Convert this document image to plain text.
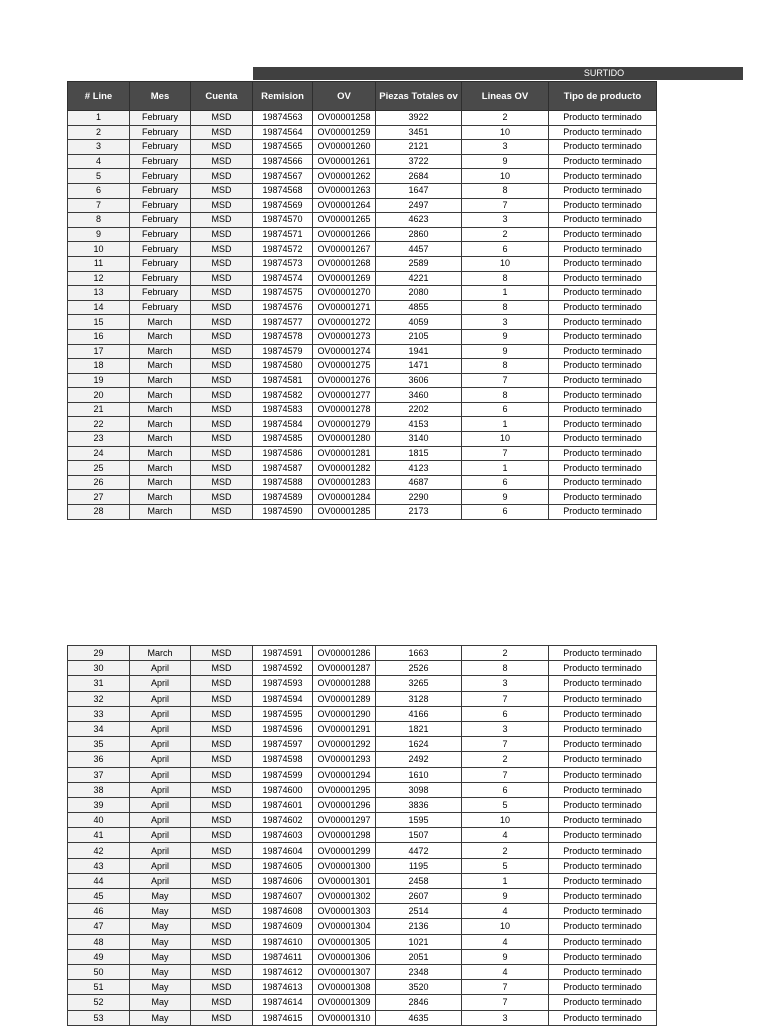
SURTIDO
# Line	Mes	Cuenta	Remision	OV	Piezas Totales ov	Lineas OV	Tipo de producto
1	February	MSD	19874563	OV00001258	3922	2	Producto terminado
2	February	MSD	19874564	OV00001259	3451	10	Producto terminado
3	February	MSD	19874565	OV00001260	2121	3	Producto terminado
4	February	MSD	19874566	OV00001261	3722	9	Producto terminado
5	February	MSD	19874567	OV00001262	2684	10	Producto terminado
6	February	MSD	19874568	OV00001263	1647	8	Producto terminado
7	February	MSD	19874569	OV00001264	2497	7	Producto terminado
8	February	MSD	19874570	OV00001265	4623	3	Producto terminado
9	February	MSD	19874571	OV00001266	2860	2	Producto terminado
10	February	MSD	19874572	OV00001267	4457	6	Producto terminado
11	February	MSD	19874573	OV00001268	2589	10	Producto terminado
12	February	MSD	19874574	OV00001269	4221	8	Producto terminado
13	February	MSD	19874575	OV00001270	2080	1	Producto terminado
14	February	MSD	19874576	OV00001271	4855	8	Producto terminado
15	March	MSD	19874577	OV00001272	4059	3	Producto terminado
16	March	MSD	19874578	OV00001273	2105	9	Producto terminado
17	March	MSD	19874579	OV00001274	1941	9	Producto terminado
18	March	MSD	19874580	OV00001275	1471	8	Producto terminado
19	March	MSD	19874581	OV00001276	3606	7	Producto terminado
20	March	MSD	19874582	OV00001277	3460	8	Producto terminado
21	March	MSD	19874583	OV00001278	2202	6	Producto terminado
22	March	MSD	19874584	OV00001279	4153	1	Producto terminado
23	March	MSD	19874585	OV00001280	3140	10	Producto terminado
24	March	MSD	19874586	OV00001281	1815	7	Producto terminado
25	March	MSD	19874587	OV00001282	4123	1	Producto terminado
26	March	MSD	19874588	OV00001283	4687	6	Producto terminado
27	March	MSD	19874589	OV00001284	2290	9	Producto terminado
28	March	MSD	19874590	OV00001285	2173	6	Producto terminado
29	March	MSD	19874591	OV00001286	1663	2	Producto terminado
30	April	MSD	19874592	OV00001287	2526	8	Producto terminado
31	April	MSD	19874593	OV00001288	3265	3	Producto terminado
32	April	MSD	19874594	OV00001289	3128	7	Producto terminado
33	April	MSD	19874595	OV00001290	4166	6	Producto terminado
34	April	MSD	19874596	OV00001291	1821	3	Producto terminado
35	April	MSD	19874597	OV00001292	1624	7	Producto terminado
36	April	MSD	19874598	OV00001293	2492	2	Producto terminado
37	April	MSD	19874599	OV00001294	1610	7	Producto terminado
38	April	MSD	19874600	OV00001295	3098	6	Producto terminado
39	April	MSD	19874601	OV00001296	3836	5	Producto terminado
40	April	MSD	19874602	OV00001297	1595	10	Producto terminado
41	April	MSD	19874603	OV00001298	1507	4	Producto terminado
42	April	MSD	19874604	OV00001299	4472	2	Producto terminado
43	April	MSD	19874605	OV00001300	1195	5	Producto terminado
44	April	MSD	19874606	OV00001301	2458	1	Producto terminado
45	May	MSD	19874607	OV00001302	2607	9	Producto terminado
46	May	MSD	19874608	OV00001303	2514	4	Producto terminado
47	May	MSD	19874609	OV00001304	2136	10	Producto terminado
48	May	MSD	19874610	OV00001305	1021	4	Producto terminado
49	May	MSD	19874611	OV00001306	2051	9	Producto terminado
50	May	MSD	19874612	OV00001307	2348	4	Producto terminado
51	May	MSD	19874613	OV00001308	3520	7	Producto terminado
52	May	MSD	19874614	OV00001309	2846	7	Producto terminado
53	May	MSD	19874615	OV00001310	4635	3	Producto terminado
